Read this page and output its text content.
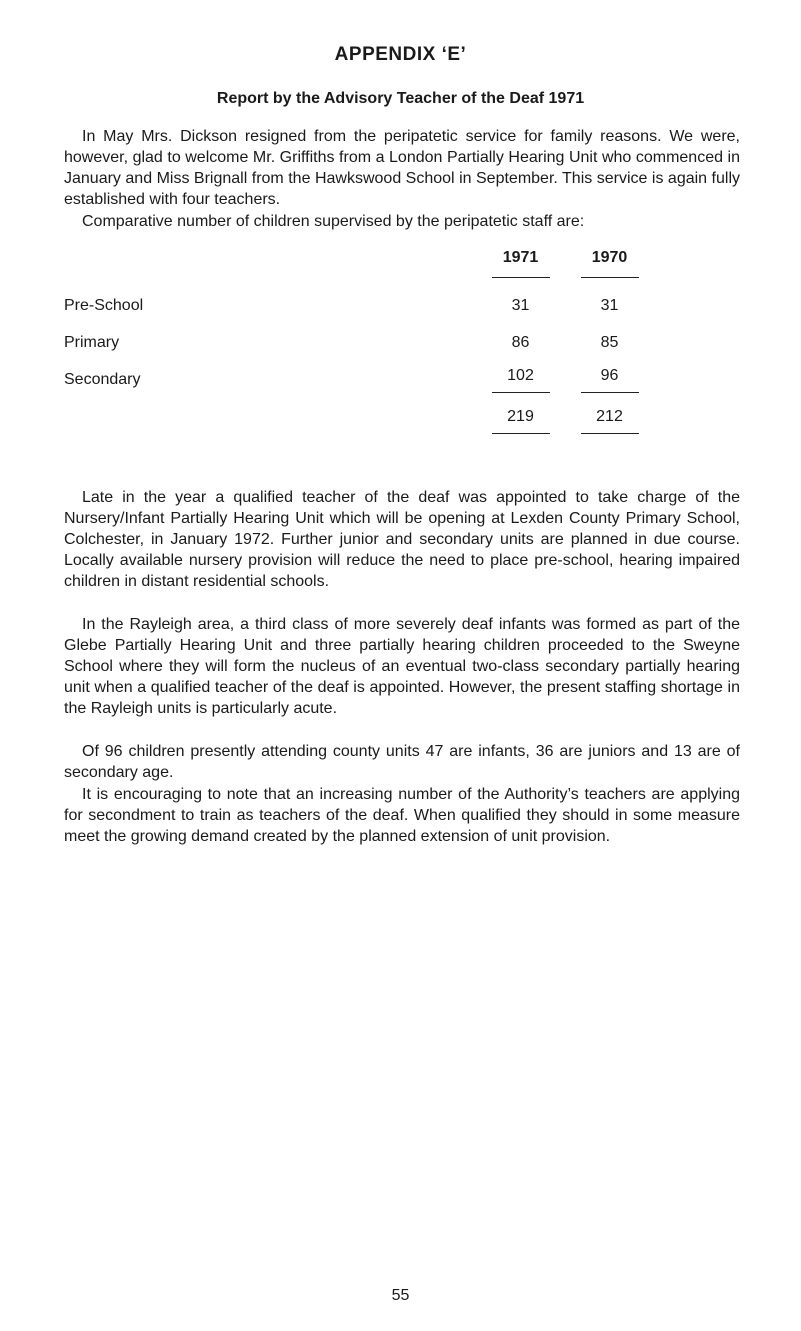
APPENDIX ‘E’
Report by the Advisory Teacher of the Deaf 1971

In May Mrs. Dickson resigned from the peripatetic service for family reasons. We were, however, glad to welcome Mr. Griffiths from a London Partially Hearing Unit who commenced in January and Miss Brignall from the Hawkswood School in September. This service is again fully established with four teachers.

Comparative number of children supervised by the peripatetic staff are:

	1971	1970
Pre-School	31	31
Primary	86	85
Secondary	102	96
	219	212

Late in the year a qualified teacher of the deaf was appointed to take charge of the Nursery/Infant Partially Hearing Unit which will be opening at Lexden County Primary School, Colchester, in January 1972. Further junior and secondary units are planned in due course. Locally available nursery provision will reduce the need to place pre-school, hearing impaired children in distant residential schools.

In the Rayleigh area, a third class of more severely deaf infants was formed as part of the Glebe Partially Hearing Unit and three partially hearing children proceeded to the Sweyne School where they will form the nucleus of an eventual two-class secondary partially hearing unit when a qualified teacher of the deaf is appointed. However, the present staffing shortage in the Rayleigh units is particularly acute.

Of 96 children presently attending county units 47 are infants, 36 are juniors and 13 are of secondary age.

It is encouraging to note that an increasing number of the Authority’s teachers are applying for secondment to train as teachers of the deaf. When qualified they should in some measure meet the growing demand created by the planned extension of unit provision.

55
